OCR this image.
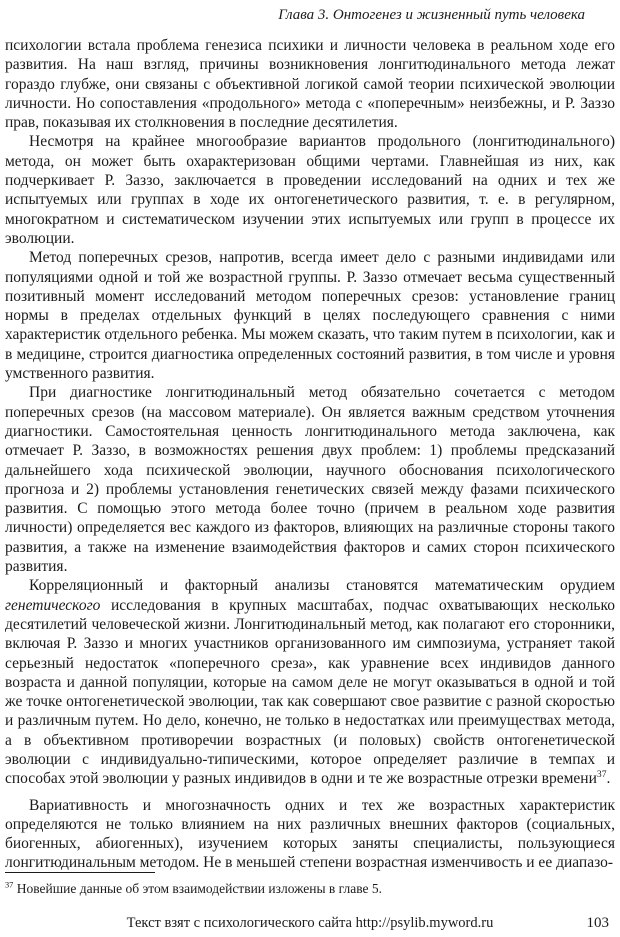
Глава 3. Онтогенез и жизненный путь человека

психологии встала проблема генезиса психики и личности человека в реальном ходе его развития. На наш взгляд, причины возникновения лонгитюдинального метода лежат гораздо глубже, они связаны с объективной логикой самой теории психической эволюции личности. Но сопоставления «продольного» метода с «поперечным» неизбежны, и Р. Заззо прав, показывая их столкновения в последние десятилетия.

Несмотря на крайнее многообразие вариантов продольного (лонгитюдинального) метода, он может быть охарактеризован общими чертами. Главнейшая из них, как подчеркивает Р. Заззо, заключается в проведении исследований на одних и тех же испытуемых или группах в ходе их онтогенетического развития, т. е. в регулярном, многократном и систематическом изучении этих испытуемых или групп в процессе их эволюции.

Метод поперечных срезов, напротив, всегда имеет дело с разными индивидами или популяциями одной и той же возрастной группы. Р. Заззо отмечает весьма существенный позитивный момент исследований методом поперечных срезов: установление границ нормы в пределах отдельных функций в целях последующего сравнения с ними характеристик отдельного ребенка. Мы можем сказать, что таким путем в психологии, как и в медицине, строится диагностика определенных состояний развития, в том числе и уровня умственного развития.

При диагностике лонгитюдинальный метод обязательно сочетается с методом поперечных срезов (на массовом материале). Он является важным средством уточнения диагностики. Самостоятельная ценность лонгитюдинального метода заключена, как отмечает Р. Заззо, в возможностях решения двух проблем: 1) проблемы предсказаний дальнейшего хода психической эволюции, научного обоснования психологического прогноза и 2) проблемы установления генетических связей между фазами психического развития. С помощью этого метода более точно (причем в реальном ходе развития личности) определяется вес каждого из факторов, влияющих на различные стороны такого развития, а также на изменение взаимодействия факторов и самих сторон психического развития.

Корреляционный и факторный анализы становятся математическим орудием генетического исследования в крупных масштабах, подчас охватывающих несколько десятилетий человеческой жизни. Лонгитюдинальный метод, как полагают его сторонники, включая Р. Заззо и многих участников организованного им симпозиума, устраняет такой серьезный недостаток «поперечного среза», как уравнение всех индивидов данного возраста и данной популяции, которые на самом деле не могут оказываться в одной и той же точке онтогенетической эволюции, так как совершают свое развитие с разной скоростью и различным путем. Но дело, конечно, не только в недостатках или преимуществах метода, а в объективном противоречии возрастных (и половых) свойств онтогенетической эволюции с индивидуально-типическими, которое определяет различие в темпах и способах этой эволюции у разных индивидов в одни и те же возрастные отрезки времени$^{37}$.

Вариативность и многозначность одних и тех же возрастных характеристик определяются не только влиянием на них различных внешних факторов (социальных, биогенных, абиогенных), изучением которых заняты специалисты, пользующиеся лонгитюдинальным методом. Не в меньшей степени возрастная изменчивость и ее диапазо-

$^{37}$ Новейшие данные об этом взаимодействии изложены в главе 5.
Текст взят с психологического сайта http://psylib.myword.ru	103
